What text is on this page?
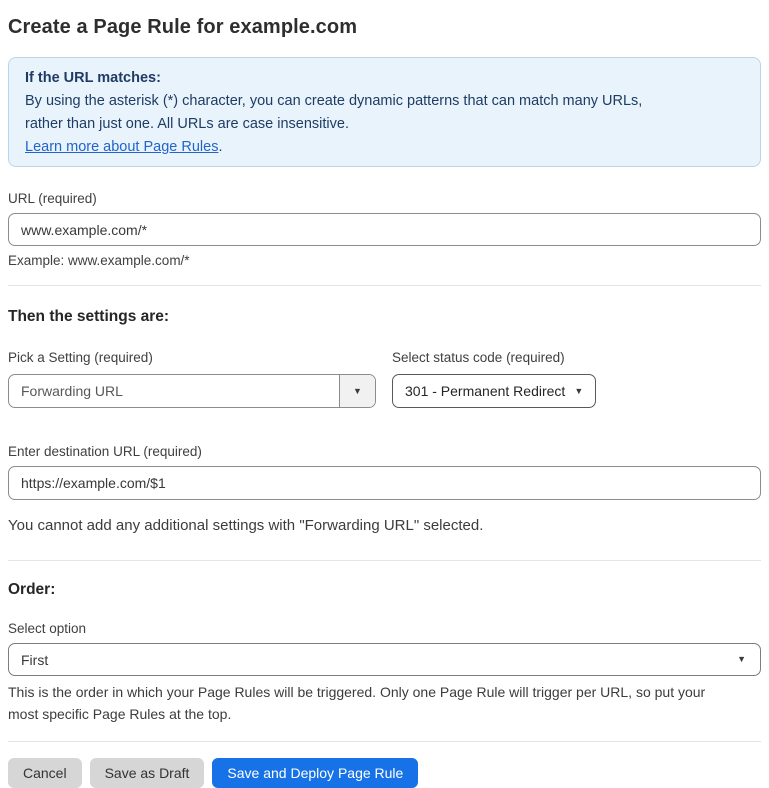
Create a Page Rule for example.com
If the URL matches:
By using the asterisk (*) character, you can create dynamic patterns that can match many URLs,
rather than just one. All URLs are case insensitive.
Learn more about Page Rules.
URL (required)
www.example.com/*
Example: www.example.com/*
Then the settings are:
Pick a Setting (required)
Forwarding URL	▼
Select status code (required)
301 - Permanent Redirect ▼
Enter destination URL (required)
https://example.com/$1

You cannot add any additional settings with "Forwarding URL" selected.

Order:
Select option
First	▼
This is the order in which your Page Rules will be triggered. Only one Page Rule will trigger per URL, so put your
most specific Page Rules at the top.
Cancel	Save as Draft	Save and Deploy Page Rule
